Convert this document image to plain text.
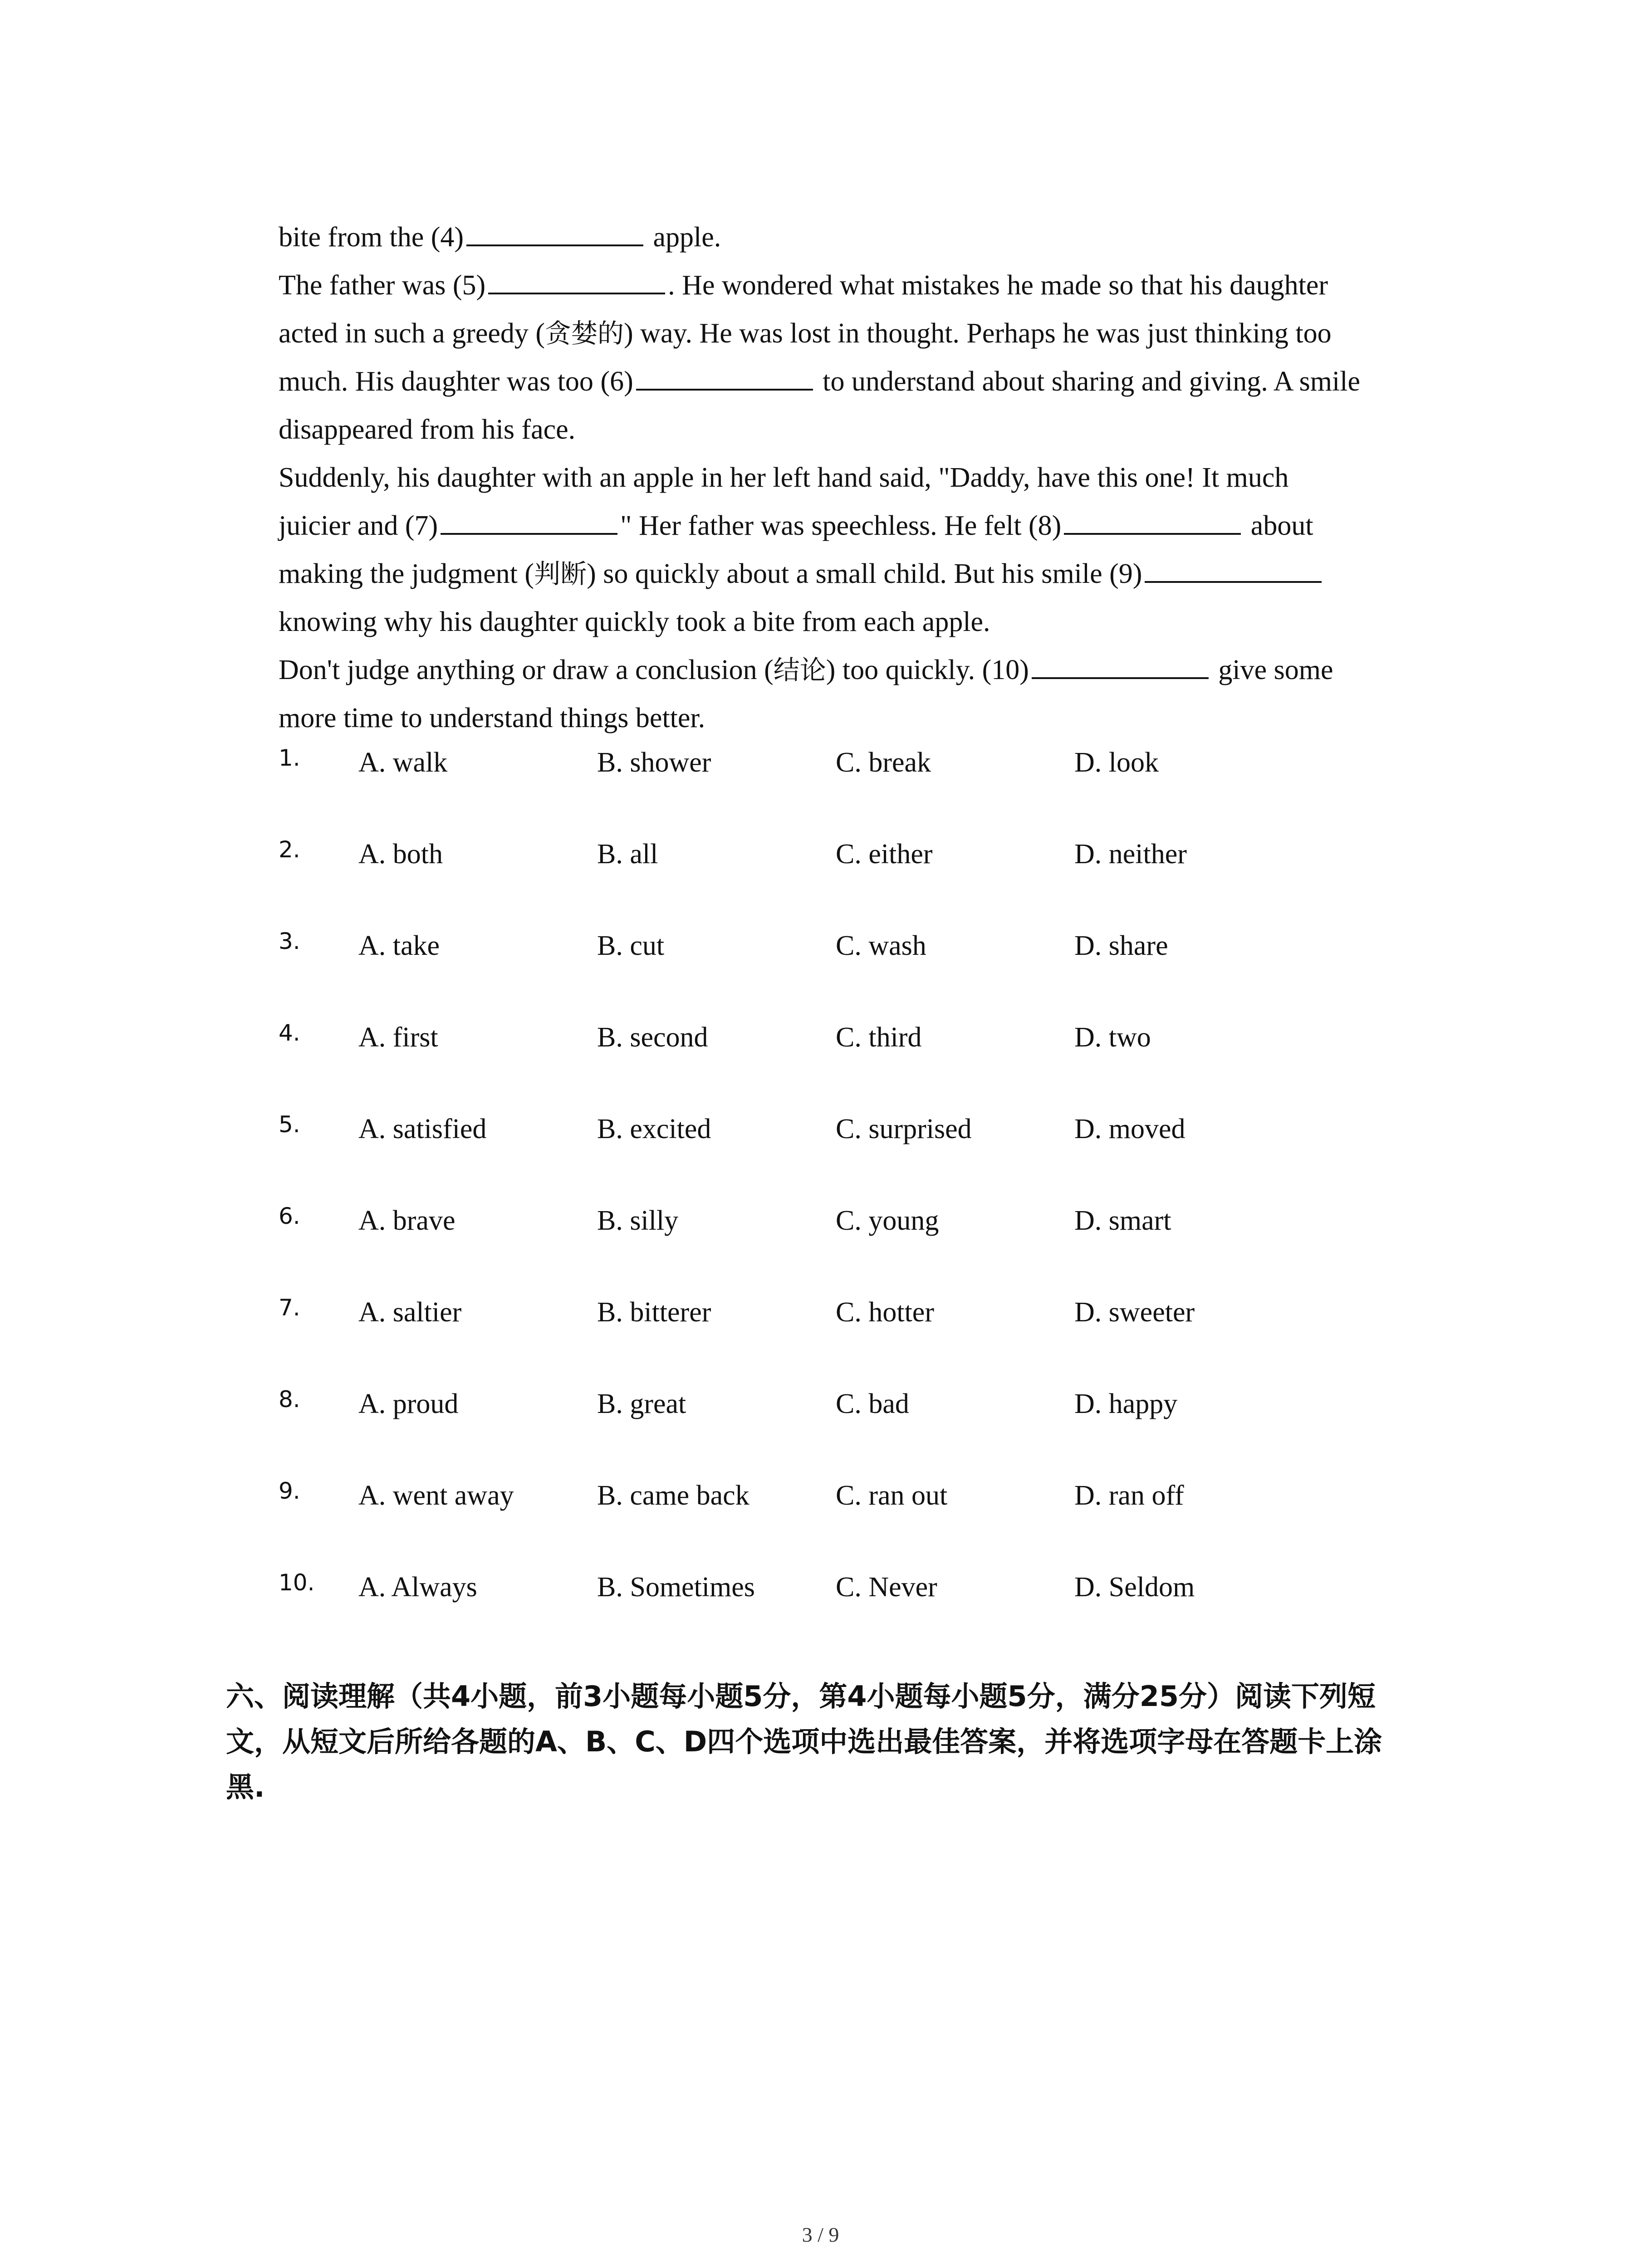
bite from the (4)	apple.
The father was (5)	. He wondered what mistakes he made so that his daughter
acted in such a greedy (贪婪的) way. He was lost in thought. Perhaps he was just thinking too
much. His daughter was too (6)	to understand about sharing and giving. A smile
disappeared from his face.
Suddenly, his daughter with an apple in her left hand said, "Daddy, have this one! It much
juicier and (7)	" Her father was speechless. He felt (8)	about
making the judgment (判断) so quickly about a small child. But his smile (9)
knowing why his daughter quickly took a bite from each apple.
Don't judge anything or draw a conclusion (结论) too quickly. (10)	give some
more time to understand things better.
1. A. walk	B. shower	C. break	D. look
2. A. both	B. all	C. either	D. neither
3. A. take	B. cut	C. wash	D. share
4. A. first	B. second	C. third	D. two
5. A. satisfied	B. excited	C. surprised	D. moved
6. A. brave	B. silly	C. young	D. smart
7. A. saltier	B. bitterer	C. hotter	D. sweeter
8. A. proud	B. great	C. bad	D. happy
9. A. went away	B. came back	C. ran out	D. ran off
10. A. Always	B. Sometimes	C. Never	D. Seldom
六、阅读理解（共4小题，前3小题每小题5分，第4小题每小题5分，满分25分）阅读下列短
文，从短文后所给各题的A、B、C、D四个选项中选出最佳答案，并将选项字母在答题卡上涂
黑.
3 / 9
